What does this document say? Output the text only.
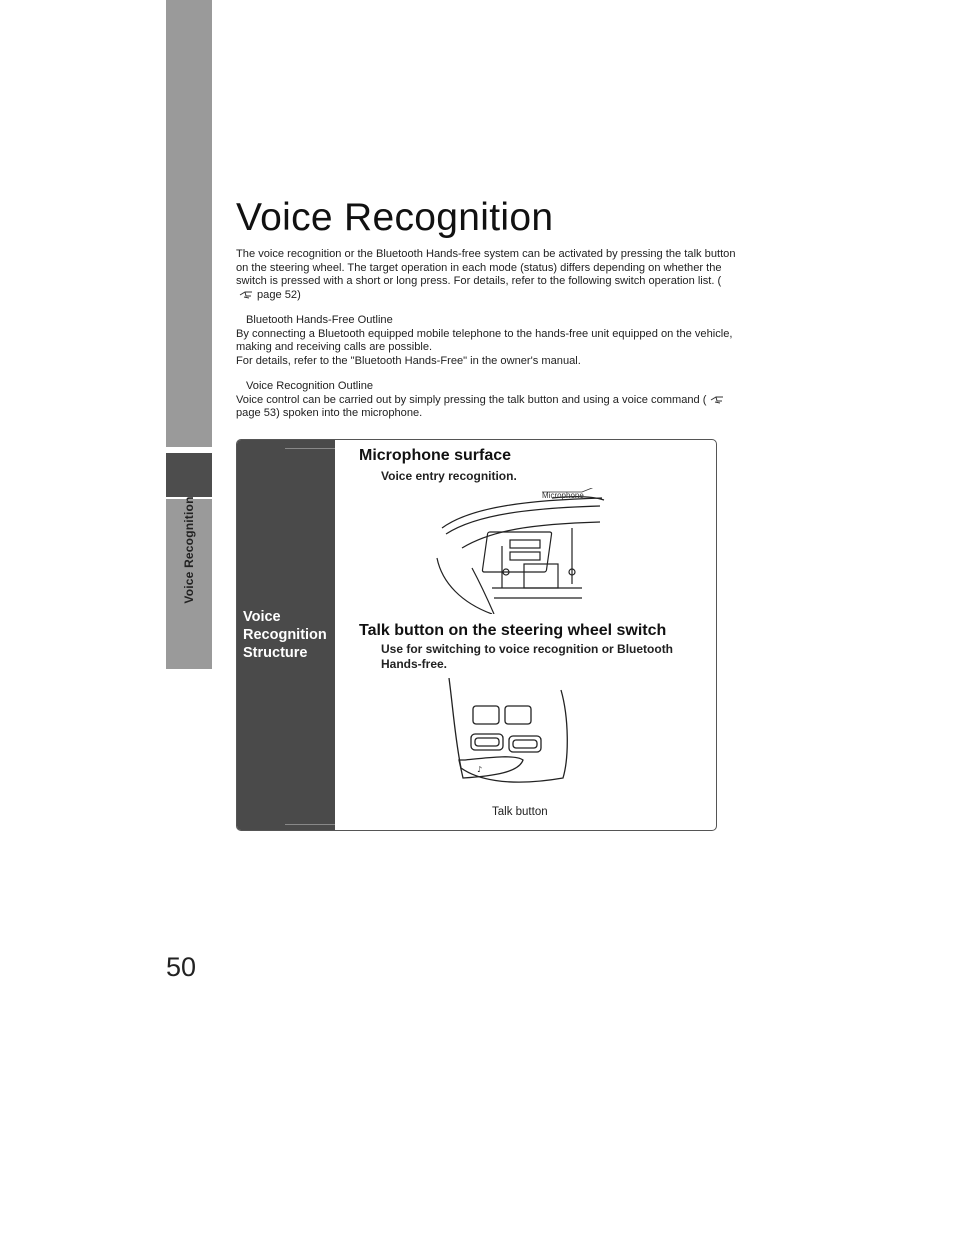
Voice Recognition
50
Voice Recognition
The voice recognition or the Bluetooth Hands-free system can be activated by pressing the talk button on the steering wheel. The target operation in each mode (status) differs depending on whether the switch is pressed with a short or long press. For details, refer to the following switch operation list. (page 52)
Bluetooth Hands-Free Outline
By connecting a Bluetooth equipped mobile telephone to the hands-free unit equipped on the vehicle, making and receiving calls are possible.
For details, refer to the "Bluetooth Hands-Free" in the owner's manual.
Voice Recognition Outline
Voice control can be carried out by simply pressing the talk button and using a voice command (page 53) spoken into the microphone.
Voice
Recognition
Structure
Microphone surface
Voice entry recognition.
Microphone
Talk button on the steering wheel switch
Use for switching to voice recognition or Bluetooth Hands-free.
♪
Talk button
